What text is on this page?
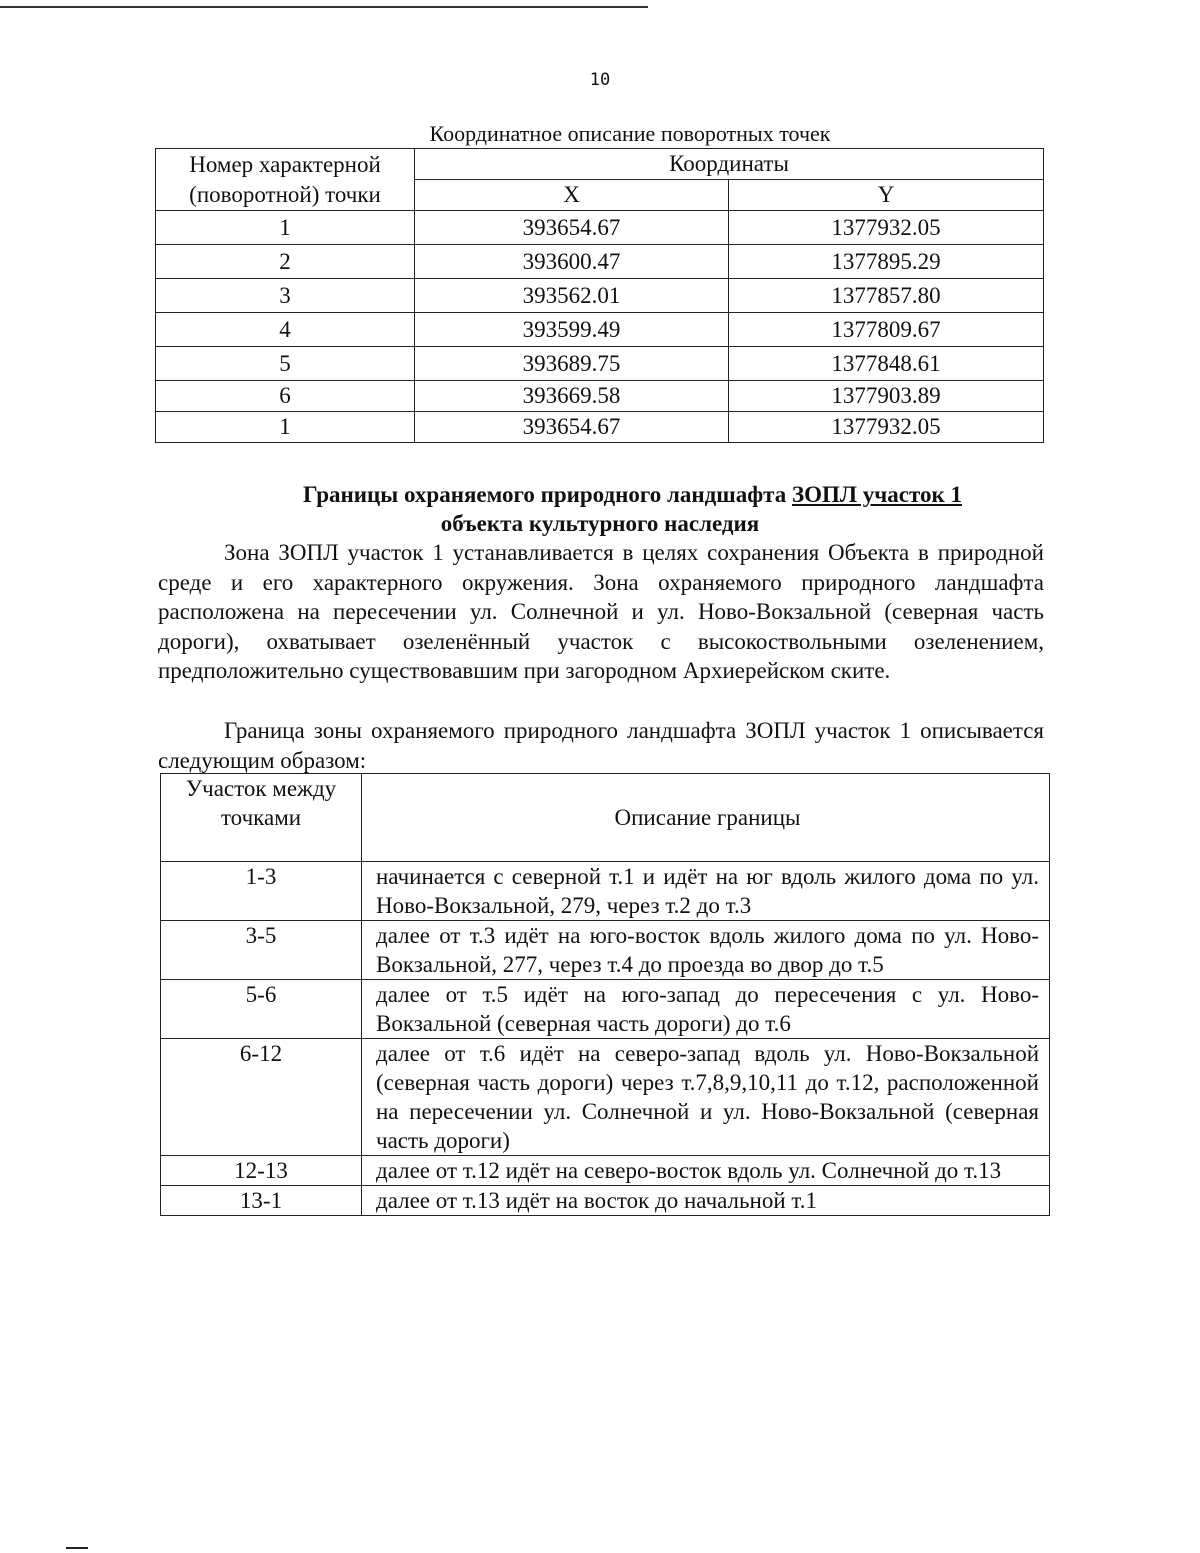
10
Координатное описание поворотных точек
Номер характерной (поворотной) точки	Координаты	
	X	Y
1	393654.67	1377932.05
2	393600.47	1377895.29
3	393562.01	1377857.80
4	393599.49	1377809.67
5	393689.75	1377848.61
6	393669.58	1377903.89
1	393654.67	1377932.05
Границы охраняемого природного ландшафта ЗОПЛ участок 1
объекта культурного наследия
Зона ЗОПЛ участок 1 устанавливается в целях сохранения Объекта в природной среде и его характерного окружения. Зона охраняемого природного ландшафта расположена на пересечении ул. Солнечной и ул. Ново-Вокзальной (северная часть дороги), охватывает озеленённый участок с высокоствольными озеленением, предположительно существовавшим при загородном Архиерейском ските.
Граница зоны охраняемого природного ландшафта ЗОПЛ участок 1 описывается следующим образом:
Участок между точками	Описание границы
1-3	начинается с северной т.1 и идёт на юг вдоль жилого дома по ул. Ново-Вокзальной, 279, через т.2 до т.3
3-5	далее от т.3 идёт на юго-восток вдоль жилого дома по ул. Ново-Вокзальной, 277, через т.4 до проезда во двор до т.5
5-6	далее от т.5 идёт на юго-запад до пересечения с ул. Ново-Вокзальной (северная часть дороги) до т.6
6-12	далее от т.6 идёт на северо-запад вдоль ул. Ново-Вокзальной (северная часть дороги) через т.7,8,9,10,11 до т.12, расположенной на пересечении ул. Солнечной и ул. Ново-Вокзальной (северная часть дороги)
12-13	далее от т.12 идёт на северо-восток вдоль ул. Солнечной до т.13
13-1	далее от т.13 идёт на восток до начальной т.1
